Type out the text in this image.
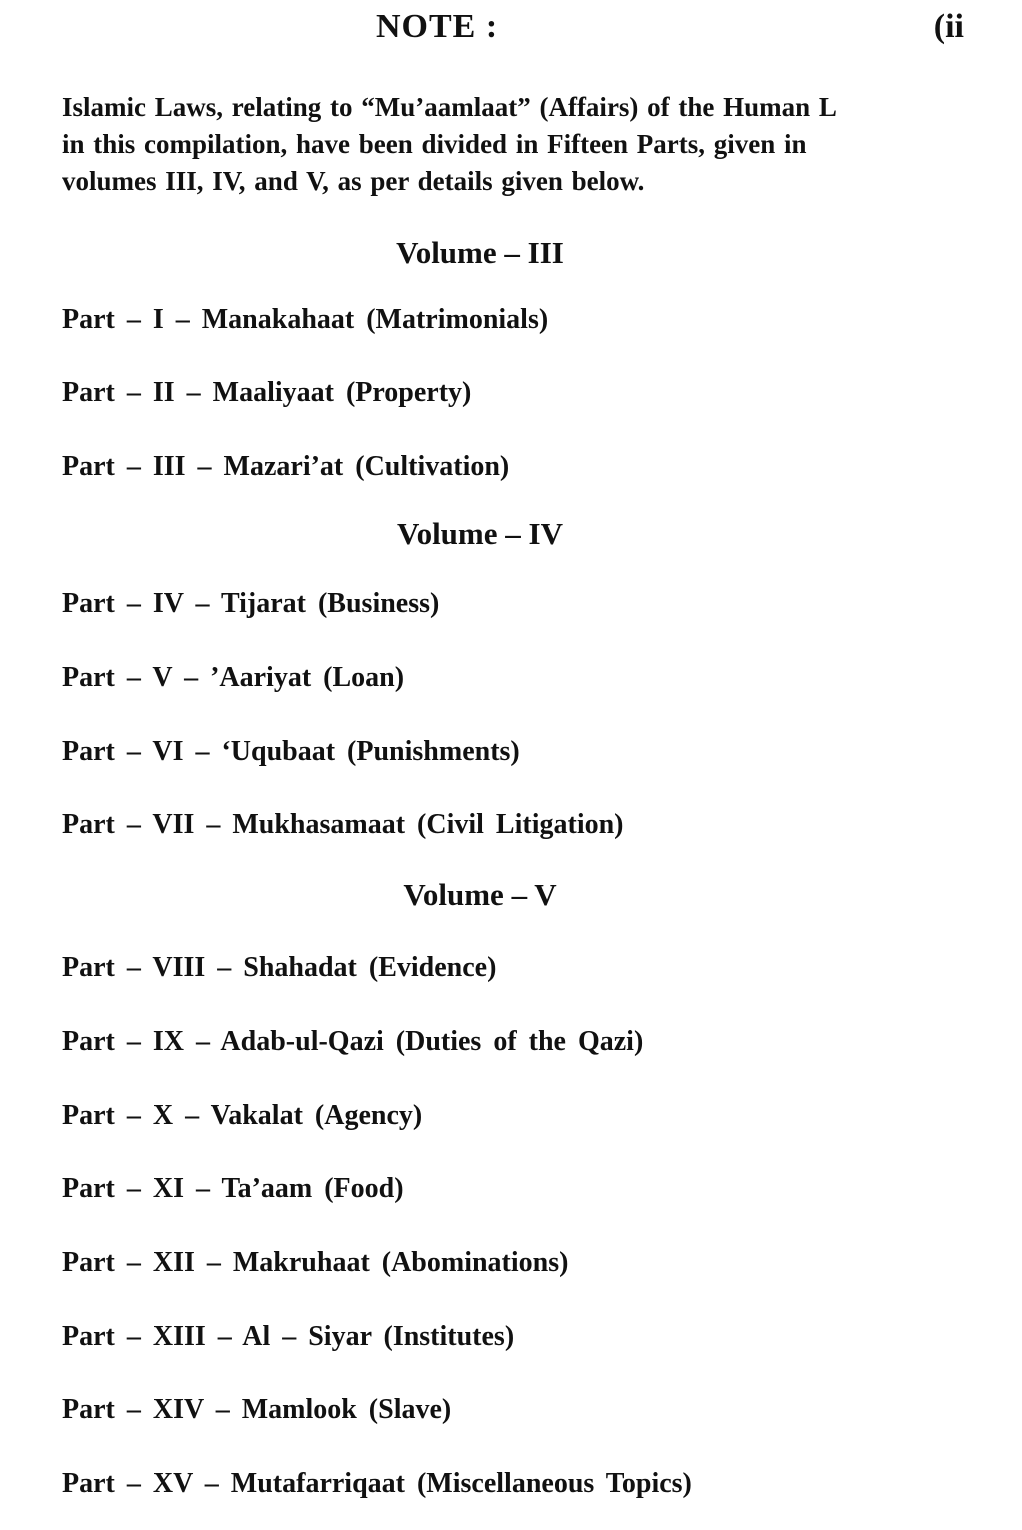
NOTE :	(ii
Islamic Laws, relating to “Mu’aamlaat” (Affairs) of the Human L
in this compilation, have been divided in Fifteen Parts, given in
volumes III, IV, and V, as per details given below.
Volume – III
Part – I – Manakahaat (Matrimonials)
Part – II – Maaliyaat (Property)
Part – III – Mazari’at (Cultivation)
Volume – IV
Part – IV – Tijarat (Business)
Part – V – ’Aariyat (Loan)
Part – VI – ‘Uqubaat (Punishments)
Part – VII – Mukhasamaat (Civil Litigation)
Volume – V
Part – VIII – Shahadat (Evidence)
Part – IX – Adab-ul-Qazi (Duties of the Qazi)
Part – X – Vakalat (Agency)
Part – XI – Ta’aam (Food)
Part – XII – Makruhaat (Abominations)
Part – XIII – Al – Siyar (Institutes)
Part – XIV – Mamlook (Slave)
Part – XV – Mutafarriqaat (Miscellaneous Topics)
